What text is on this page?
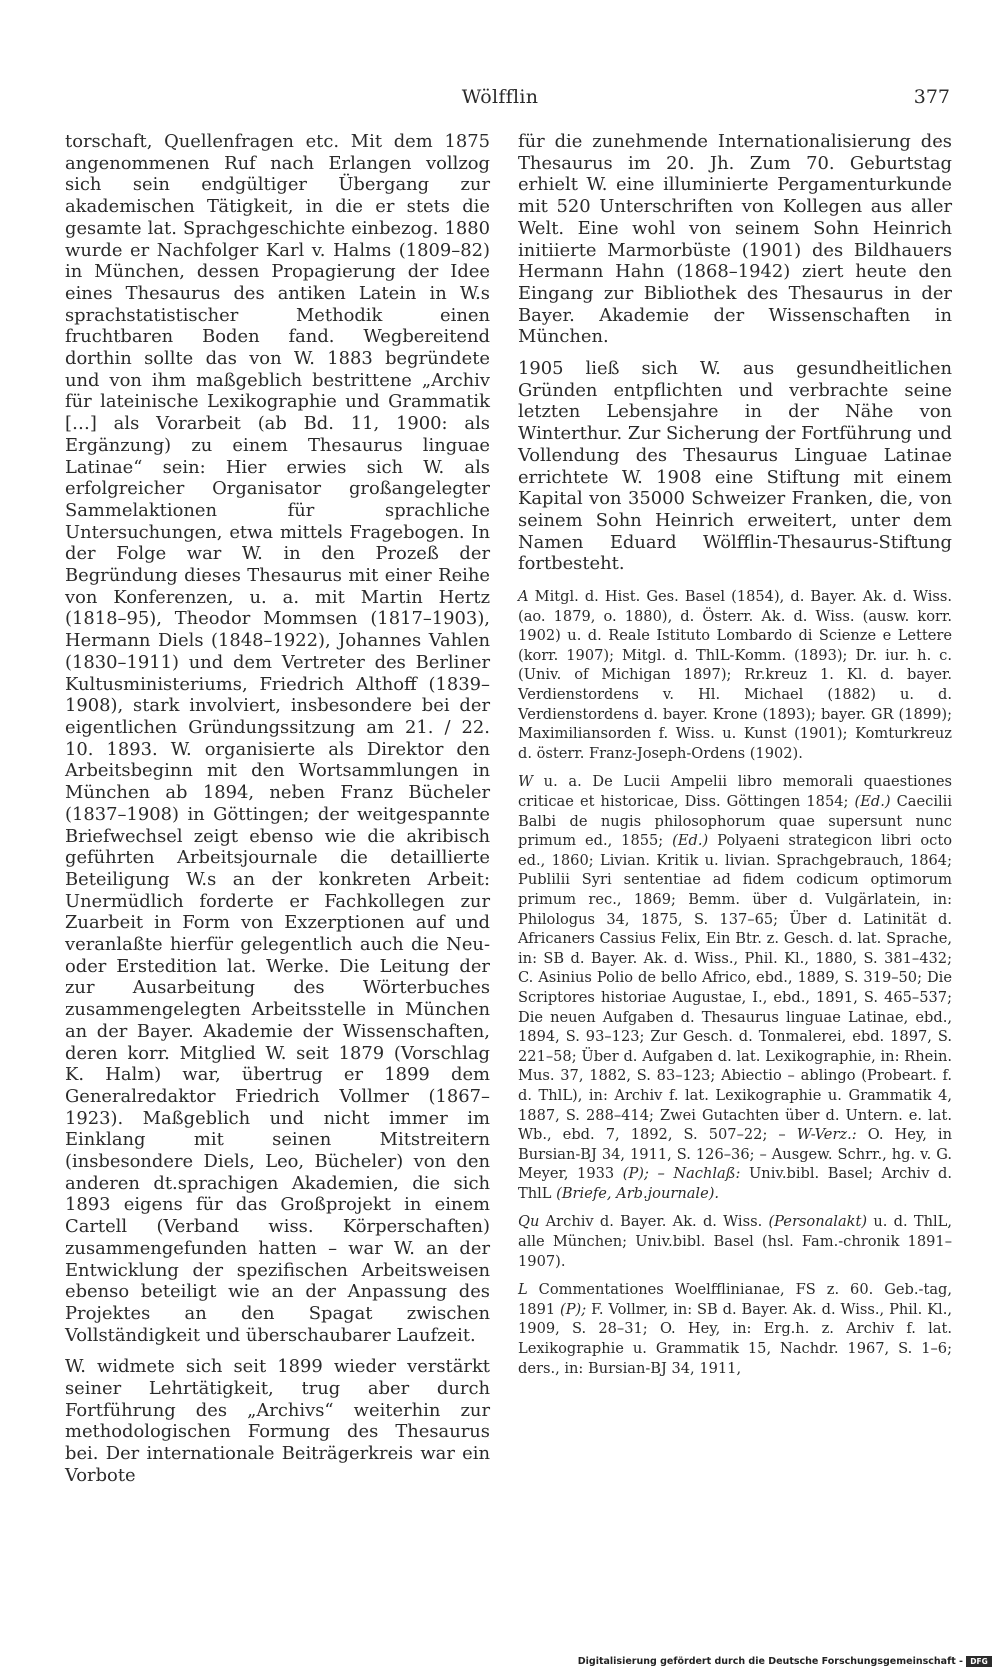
Wölfflin	377

torschaft, Quellenfragen etc. Mit dem 1875 angenommenen Ruf nach Erlangen vollzog sich sein endgültiger Übergang zur akademischen Tätigkeit, in die er stets die gesamte lat. Sprachgeschichte einbezog. 1880 wurde er Nachfolger Karl v. Halms (1809–82) in München, dessen Propagierung der Idee eines Thesaurus des antiken Latein in W.s sprachstatistischer Methodik einen fruchtbaren Boden fand. Wegbereitend dorthin sollte das von W. 1883 begründete und von ihm maßgeblich bestrittene „Archiv für lateinische Lexikographie und Grammatik […] als Vorarbeit (ab Bd. 11, 1900: als Ergänzung) zu einem Thesaurus linguae Latinae“ sein: Hier erwies sich W. als erfolgreicher Organisator großangelegter Sammelaktionen für sprachliche Untersuchungen, etwa mittels Fragebogen. In der Folge war W. in den Prozeß der Begründung dieses Thesaurus mit einer Reihe von Konferenzen, u. a. mit Martin Hertz (1818–95), Theodor Mommsen (1817–1903), Hermann Diels (1848–1922), Johannes Vahlen (1830–1911) und dem Vertreter des Berliner Kultusministeriums, Friedrich Althoff (1839–1908), stark involviert, insbesondere bei der eigentlichen Gründungssitzung am 21. / 22. 10. 1893. W. organisierte als Direktor den Arbeitsbeginn mit den Wortsammlungen in München ab 1894, neben Franz Bücheler (1837–1908) in Göttingen; der weitgespannte Briefwechsel zeigt ebenso wie die akribisch geführten Arbeitsjournale die detaillierte Beteiligung W.s an der konkreten Arbeit: Unermüdlich forderte er Fachkollegen zur Zuarbeit in Form von Exzerptionen auf und veranlaßte hierfür gelegentlich auch die Neu- oder Erstedition lat. Werke. Die Leitung der zur Ausarbeitung des Wörterbuches zusammengelegten Arbeitsstelle in München an der Bayer. Akademie der Wissenschaften, deren korr. Mitglied W. seit 1879 (Vorschlag K. Halm) war, übertrug er 1899 dem Generalredaktor Friedrich Vollmer (1867–1923). Maßgeblich und nicht immer im Einklang mit seinen Mitstreitern (insbesondere Diels, Leo, Bücheler) von den anderen dt.sprachigen Akademien, die sich 1893 eigens für das Großprojekt in einem Cartell (Verband wiss. Körperschaften) zusammengefunden hatten – war W. an der Entwicklung der spezifischen Arbeitsweisen ebenso beteiligt wie an der Anpassung des Projektes an den Spagat zwischen Vollständigkeit und überschaubarer Laufzeit.

W. widmete sich seit 1899 wieder verstärkt seiner Lehrtätigkeit, trug aber durch Fortführung des „Archivs“ weiterhin zur methodologischen Formung des Thesaurus bei. Der internationale Beiträgerkreis war ein Vorbote

für die zunehmende Internationalisierung des Thesaurus im 20. Jh. Zum 70. Geburtstag erhielt W. eine illuminierte Pergamenturkunde mit 520 Unterschriften von Kollegen aus aller Welt. Eine wohl von seinem Sohn Heinrich initiierte Marmorbüste (1901) des Bildhauers Hermann Hahn (1868–1942) ziert heute den Eingang zur Bibliothek des Thesaurus in der Bayer. Akademie der Wissenschaften in München.

1905 ließ sich W. aus gesundheitlichen Gründen entpflichten und verbrachte seine letzten Lebensjahre in der Nähe von Winterthur. Zur Sicherung der Fortführung und Vollendung des Thesaurus Linguae Latinae errichtete W. 1908 eine Stiftung mit einem Kapital von 35000 Schweizer Franken, die, von seinem Sohn Heinrich erweitert, unter dem Namen Eduard Wölfflin-Thesaurus-Stiftung fortbesteht.

A Mitgl. d. Hist. Ges. Basel (1854), d. Bayer. Ak. d. Wiss. (ao. 1879, o. 1880), d. Österr. Ak. d. Wiss. (ausw. korr. 1902) u. d. Reale Istituto Lombardo di Scienze e Lettere (korr. 1907); Mitgl. d. ThlL-Komm. (1893); Dr. iur. h. c. (Univ. of Michigan 1897); Rr.kreuz 1. Kl. d. bayer. Verdienstordens v. Hl. Michael (1882) u. d. Verdienstordens d. bayer. Krone (1893); bayer. GR (1899); Maximiliansorden f. Wiss. u. Kunst (1901); Komturkreuz d. österr. Franz-Joseph-Ordens (1902).

W u. a. De Lucii Ampelii libro memorali quaestiones criticae et historicae, Diss. Göttingen 1854; (Ed.) Caecilii Balbi de nugis philosophorum quae supersunt nunc primum ed., 1855; (Ed.) Polyaeni strategicon libri octo ed., 1860; Livian. Kritik u. livian. Sprachgebrauch, 1864; Publilii Syri sententiae ad fidem codicum optimorum primum rec., 1869; Bemm. über d. Vulgärlatein, in: Philologus 34, 1875, S. 137–65; Über d. Latinität d. Africaners Cassius Felix, Ein Btr. z. Gesch. d. lat. Sprache, in: SB d. Bayer. Ak. d. Wiss., Phil. Kl., 1880, S. 381–432; C. Asinius Polio de bello Africo, ebd., 1889, S. 319–50; Die Scriptores historiae Augustae, I., ebd., 1891, S. 465–537; Die neuen Aufgaben d. Thesaurus linguae Latinae, ebd., 1894, S. 93–123; Zur Gesch. d. Tonmalerei, ebd. 1897, S. 221–58; Über d. Aufgaben d. lat. Lexikographie, in: Rhein. Mus. 37, 1882, S. 83–123; Abiectio – ablingo (Probeart. f. d. ThlL), in: Archiv f. lat. Lexikographie u. Grammatik 4, 1887, S. 288–414; Zwei Gutachten über d. Untern. e. lat. Wb., ebd. 7, 1892, S. 507–22; – W-Verz.: O. Hey, in Bursian-BJ 34, 1911, S. 126–36; – Ausgew. Schrr., hg. v. G. Meyer, 1933 (P); – Nachlaß: Univ.bibl. Basel; Archiv d. ThlL (Briefe, Arb.journale).

Qu Archiv d. Bayer. Ak. d. Wiss. (Personalakt) u. d. ThlL, alle München; Univ.bibl. Basel (hsl. Fam.-chronik 1891–1907).

L Commentationes Woelfflinianae, FS z. 60. Geb.-tag, 1891 (P); F. Vollmer, in: SB d. Bayer. Ak. d. Wiss., Phil. Kl., 1909, S. 28–31; O. Hey, in: Erg.h. z. Archiv f. lat. Lexikographie u. Grammatik 15, Nachdr. 1967, S. 1–6; ders., in: Bursian-BJ 34, 1911,

Digitalisierung gefördert durch die Deutsche Forschungsgemeinschaft - DFG
